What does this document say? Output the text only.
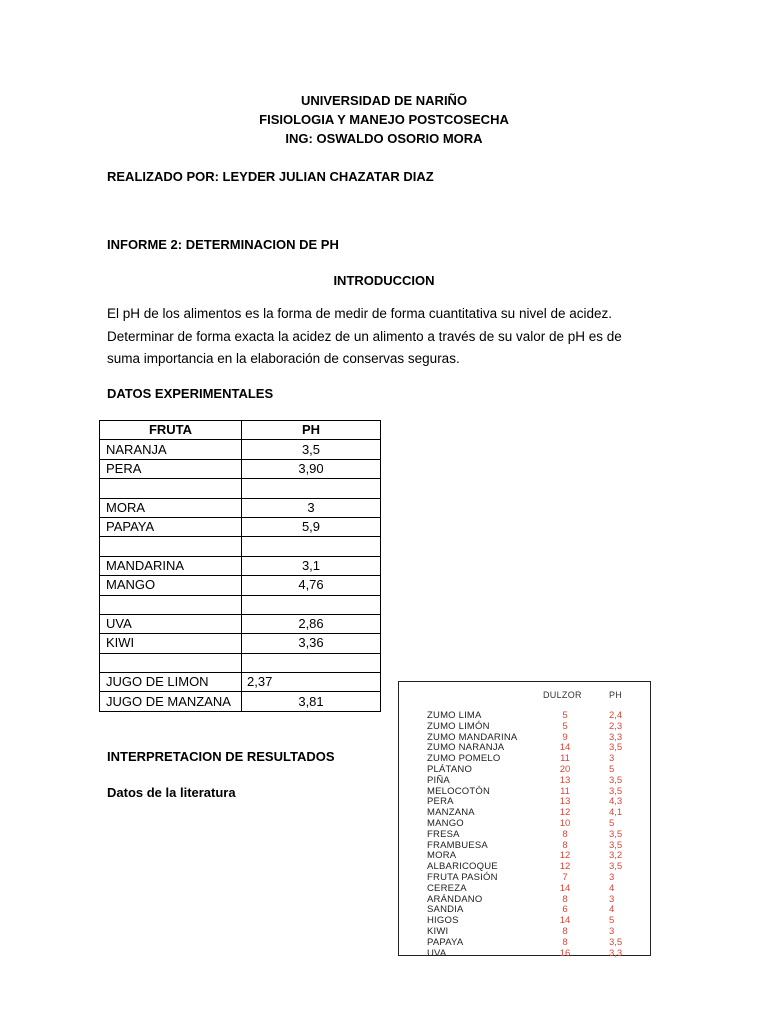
UNIVERSIDAD DE NARIÑO
FISIOLOGIA Y MANEJO POSTCOSECHA
ING: OSWALDO OSORIO MORA
REALIZADO POR: LEYDER JULIAN CHAZATAR DIAZ
INFORME 2: DETERMINACION DE PH
INTRODUCCION
El pH de los alimentos es la forma de medir de forma cuantitativa su nivel de acidez.
Determinar de forma exacta la acidez de un alimento a través de su valor de pH es de
suma importancia en la elaboración de conservas seguras.
DATOS EXPERIMENTALES
FRUTA	PH
NARANJA	3,5
PERA	3,90

MORA	3
PAPAYA	5,9

MANDARINA	3,1
MANGO	4,76

UVA	2,86
KIWI	3,36

JUGO DE LIMON	2,37
JUGO DE MANZANA	3,81
INTERPRETACION DE RESULTADOS
Datos de la literatura
DULZOR	PH
ZUMO LIMA	5	2,4
ZUMO LIMÓN	5	2,3
ZUMO MANDARINA	9	3,3
ZUMO NARANJA	14	3,5
ZUMO POMELO	11	3
PLÁTANO	20	5
PIÑA	13	3,5
MELOCOTÓN	11	3,5
PERA	13	4,3
MANZANA	12	4,1
MANGO	10	5
FRESA	8	3,5
FRAMBUESA	8	3,5
MORA	12	3,2
ALBARICOQUE	12	3,5
FRUTA PASIÓN	7	3
CEREZA	14	4
ARÁNDANO	8	3
SANDIA	6	4
HIGOS	14	5
KIWI	8	3
PAPAYA	8	3,5
UVA	16	3,3
